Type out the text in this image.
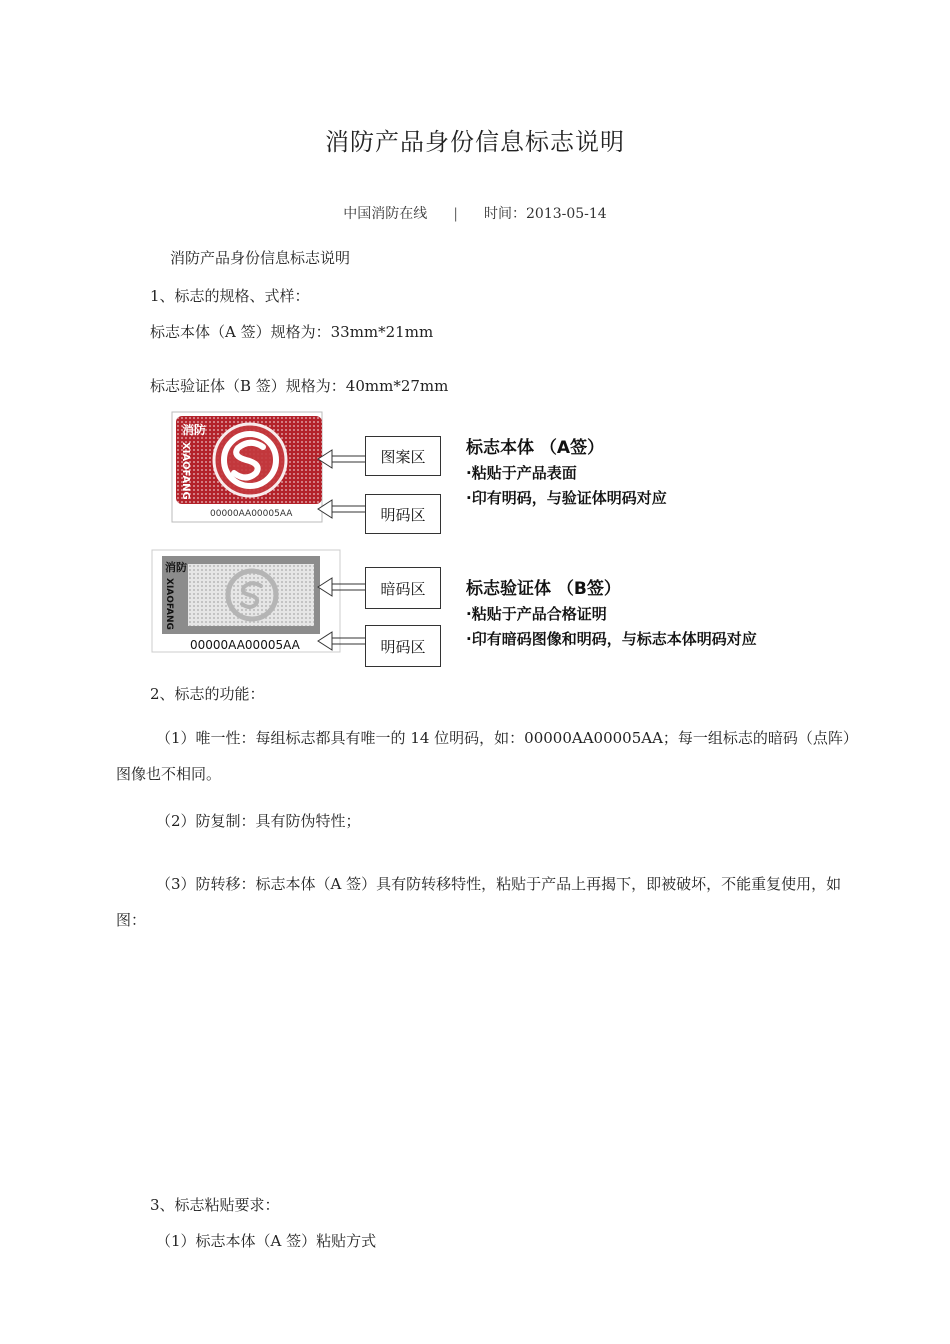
消防产品身份信息标志说明
中国消防在线 | 时间：2013-05-14
消防产品身份信息标志说明
1、标志的规格、式样：
标志本体（A 签）规格为：33mm*21mm
标志验证体（B 签）规格为：40mm*27mm
消防
XIAOFANG
00000AA00005AA
消防
XIAOFANG
00000AA00005AA
图案区
明码区
暗码区
明码区
标志本体 （A签）
·粘贴于产品表面
·印有明码，与验证体明码对应
标志验证体 （B签）
·粘贴于产品合格证明
·印有暗码图像和明码，与标志本体明码对应
2、标志的功能：
（1）唯一性：每组标志都具有唯一的 14 位明码，如：00000AA00005AA；每一组标志的暗码（点阵）图像也不相同。
（2）防复制：具有防伪特性；
（3）防转移：标志本体（A 签）具有防转移特性，粘贴于产品上再揭下，即被破坏，不能重复使用，如图：
3、标志粘贴要求：
（1）标志本体（A 签）粘贴方式
